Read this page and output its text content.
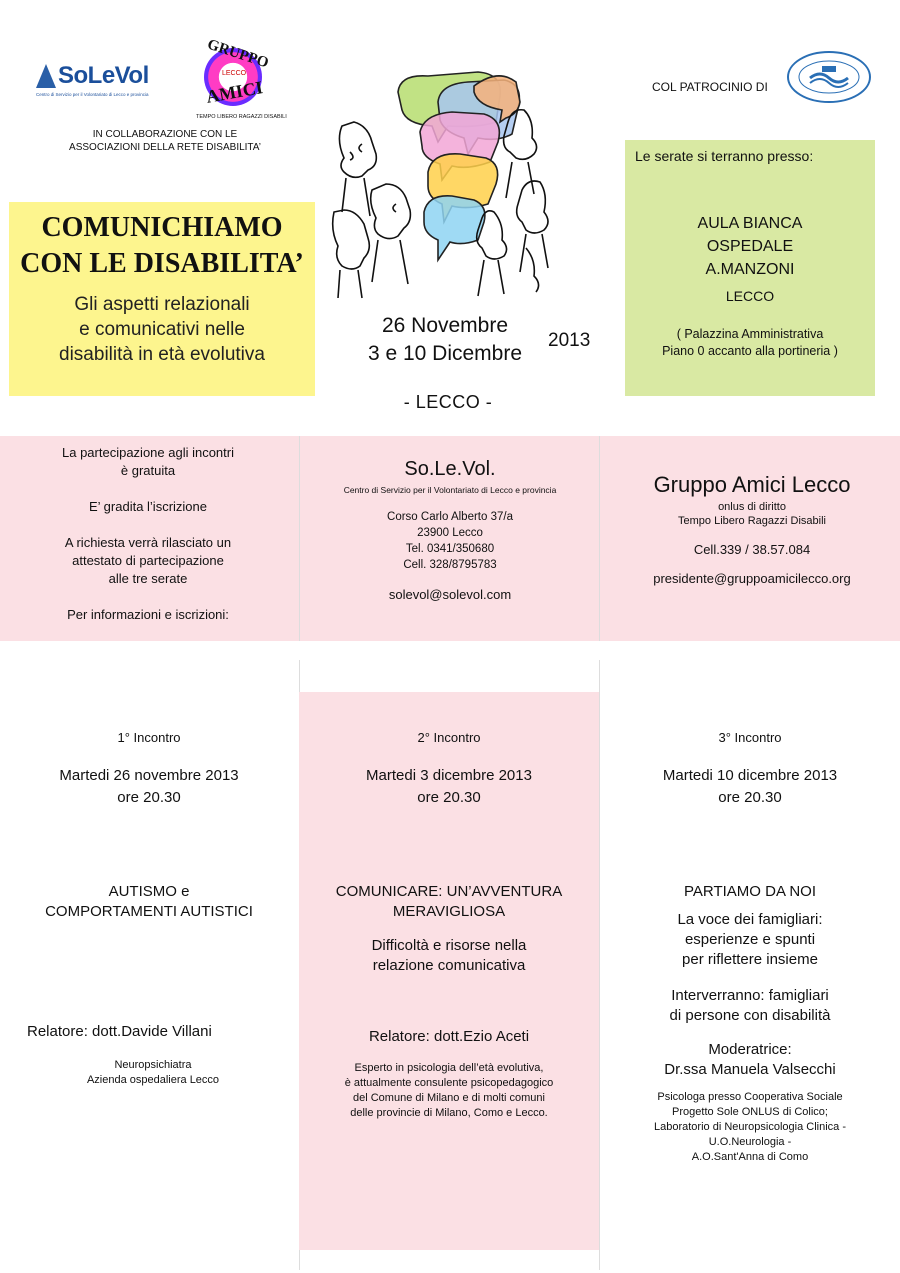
SoLeVol
Centro di Servizio per il Volontariato di Lecco e provincia
GRUPPO
LECCO
AMICI
TEMPO LIBERO RAGAZZI DISABILI
IN COLLABORAZIONE CON LE
ASSOCIAZIONI DELLA RETE DISABILITA’
COMUNICHIAMO
CON LE DISABILITA’
Gli aspetti relazionali
e comunicativi nelle
disabilità in età evolutiva
26 Novembre
3 e 10 Dicembre
2013
- LECCO -
COL PATROCINIO DI
Le serate si terranno presso:
AULA BIANCA
OSPEDALE
A.MANZONI
LECCO
( Palazzina Amministrativa
Piano 0 accanto alla portineria )

La partecipazione agli incontri
è gratuita

E’ gradita l’iscrizione

A richiesta verrà rilasciato un
attestato di partecipazione
alle tre serate

Per informazioni e iscrizioni:

So.Le.Vol.
Centro di Servizio per il Volontariato di Lecco e provincia
Corso Carlo Alberto 37/a
23900 Lecco
Tel. 0341/350680
Cell. 328/8795783
solevol@solevol.com
Gruppo Amici Lecco
onlus di diritto
Tempo Libero Ragazzi Disabili
Cell.339 / 38.57.084
presidente@gruppoamicilecco.org
1° Incontro
Martedi 26 novembre 2013
ore 20.30
AUTISMO e
COMPORTAMENTI AUTISTICI
Relatore: dott.Davide Villani
Neuropsichiatra
Azienda ospedaliera Lecco
2° Incontro
Martedi 3 dicembre 2013
ore 20.30
COMUNICARE: UN’AVVENTURA
MERAVIGLIOSA
Difficoltà e risorse nella
relazione comunicativa
Relatore: dott.Ezio Aceti
Esperto in psicologia dell’età evolutiva,
è attualmente consulente psicopedagogico
del Comune di Milano e di molti comuni
delle provincie di Milano, Como e Lecco.
3° Incontro
Martedi 10 dicembre 2013
ore 20.30
PARTIAMO DA NOI
La voce dei famigliari:
esperienze e spunti
per riflettere insieme
Interverranno: famigliari
di persone con disabilità
Moderatrice:
Dr.ssa Manuela Valsecchi
Psicologa presso Cooperativa Sociale
Progetto Sole ONLUS di Colico;
Laboratorio di Neuropsicologia Clinica -
U.O.Neurologia -
A.O.Sant'Anna di Como
